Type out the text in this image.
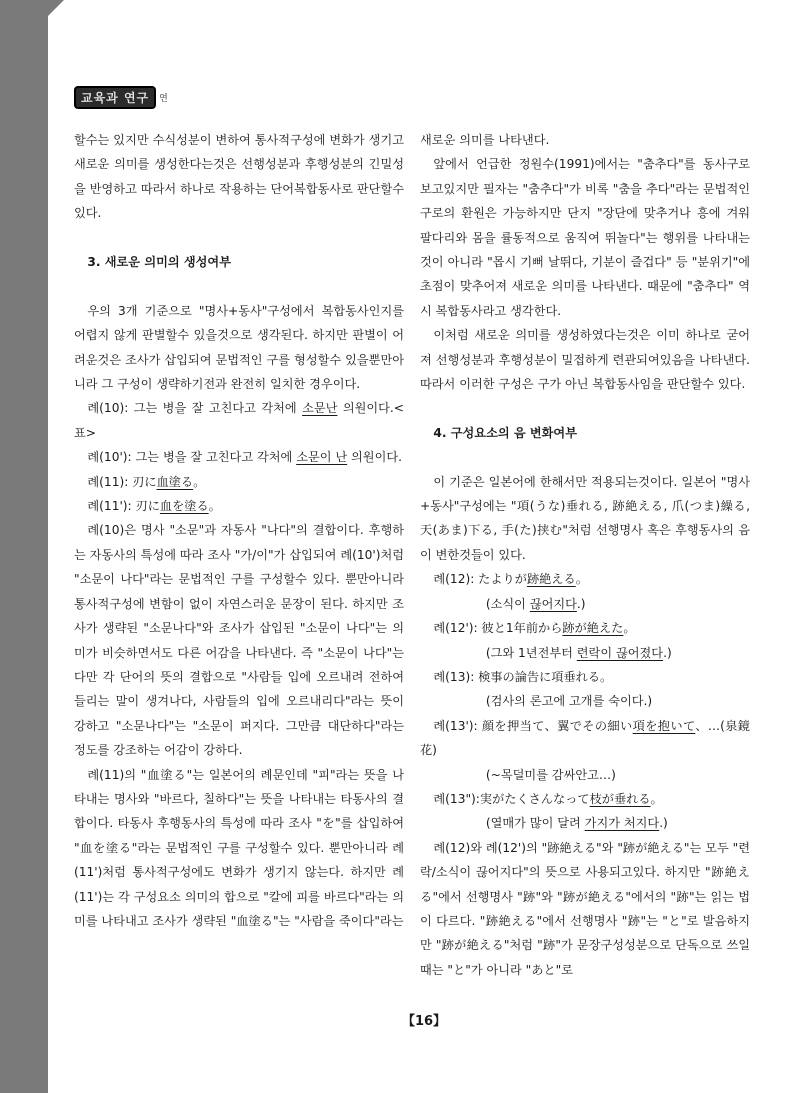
교육과 연구	연

할수는 있지만 수식성분이 변하여 통사적구성에 변화가 생기고 새로운 의미를 생성한다는것은 선행성분과 후행성분의 긴밀성을 반영하고 따라서 하나로 작용하는 단어복합동사로 판단할수 있다.

3. 새로운 의미의 생성여부

우의 3개 기준으로 "명사+동사"구성에서 복합동사인지를 어렵지 않게 판별할수 있을것으로 생각된다. 하지만 판별이 어려운것은 조사가 삽입되여 문법적인 구를 형성할수 있을뿐만아니라 그 구성이 생략하기전과 완전히 일치한 경우이다.

례(10): 그는 병을 잘 고친다고 각처에 소문난 의원이다.<표>

례(10'): 그는 병을 잘 고친다고 각처에 소문이 난 의원이다.

례(11): 刃に血塗る。

례(11'): 刃に血を塗る。

례(10)은 명사 "소문"과 자동사 "나다"의 결합이다. 후행하는 자동사의 특성에 따라 조사 "가/이"가 삽입되여 례(10')처럼 "소문이 나다"라는 문법적인 구를 구성할수 있다. 뿐만아니라 통사적구성에 변함이 없이 자연스러운 문장이 된다. 하지만 조사가 생략된 "소문나다"와 조사가 삽입된 "소문이 나다"는 의미가 비슷하면서도 다른 어감을 나타낸다. 즉 "소문이 나다"는 다만 각 단어의 뜻의 결합으로 "사람들 입에 오르내려 전하여 들리는 말이 생겨나다, 사람들의 입에 오르내리다"라는 뜻이 강하고 "소문나다"는 "소문이 퍼지다. 그만큼 대단하다"라는 정도를 강조하는 어감이 강하다.

례(11)의 "血塗る"는 일본어의 례문인데 "피"라는 뜻을 나타내는 명사와 "바르다, 칠하다"는 뜻을 나타내는 타동사의 결합이다. 타동사 후행동사의 특성에 따라 조사 "を"를 삽입하여 "血を塗る"라는 문법적인 구를 구성할수 있다. 뿐만아니라 례(11')처럼 통사적구성에도 변화가 생기지 않는다. 하지만 례(11')는 각 구성요소 의미의 합으로 "칼에 피를 바르다"라는 의미를 나타내고 조사가 생략된 "血塗る"는 "사람을 죽이다"라는

새로운 의미를 나타낸다.

앞에서 언급한 정원수(1991)에서는 "춤추다"를 동사구로 보고있지만 필자는 "춤추다"가 비록 "춤을 추다"라는 문법적인 구로의 환원은 가능하지만 단지 "장단에 맞추거나 흥에 겨워 팔다리와 몸을 률동적으로 움직여 뛰놀다"는 행위를 나타내는것이 아니라 "몹시 기뻐 날뛰다, 기분이 즐겁다" 등 "분위기"에 초점이 맞추어져 새로운 의미를 나타낸다. 때문에 "춤추다" 역시 복합동사라고 생각한다.

이처럼 새로운 의미를 생성하였다는것은 이미 하나로 굳어져 선행성분과 후행성분이 밀접하게 련관되여있음을 나타낸다. 따라서 이러한 구성은 구가 아닌 복합동사임을 판단할수 있다.

4. 구성요소의 음 변화여부

이 기준은 일본어에 한해서만 적용되는것이다. 일본어 "명사+동사"구성에는 "項(うな)垂れる, 跡絶える, 爪(つま)繰る, 天(あま)下る, 手(た)挟む"처럼 선행명사 혹은 후행동사의 음이 변한것들이 있다.

례(12): たよりが跡絶える。

(소식이 끊어지다.)

례(12'): 彼と1年前から跡が絶えた。

(그와 1년전부터 련락이 끊어졌다.)

례(13): 検事の論告に項垂れる。

(검사의 론고에 고개를 숙이다.)

례(13'): 顔を押当て、翼でその細い項を抱いて、…(泉鏡花)

(~목덜미를 감싸안고…)

례(13"):実がたくさんなって枝が垂れる。

(열매가 많이 달려 가지가 처지다.)

례(12)와 례(12')의 "跡絶える"와 "跡が絶える"는 모두 "련락/소식이 끊어지다"의 뜻으로 사용되고있다. 하지만 "跡絶える"에서 선행명사 "跡"와 "跡が絶える"에서의 "跡"는 읽는 법이 다르다. "跡絶える"에서 선행명사 "跡"는 "と"로 발음하지만 "跡が絶える"처럼 "跡"가 문장구성성분으로 단독으로 쓰일 때는 "と"가 아니라 "あと"로

【16】
